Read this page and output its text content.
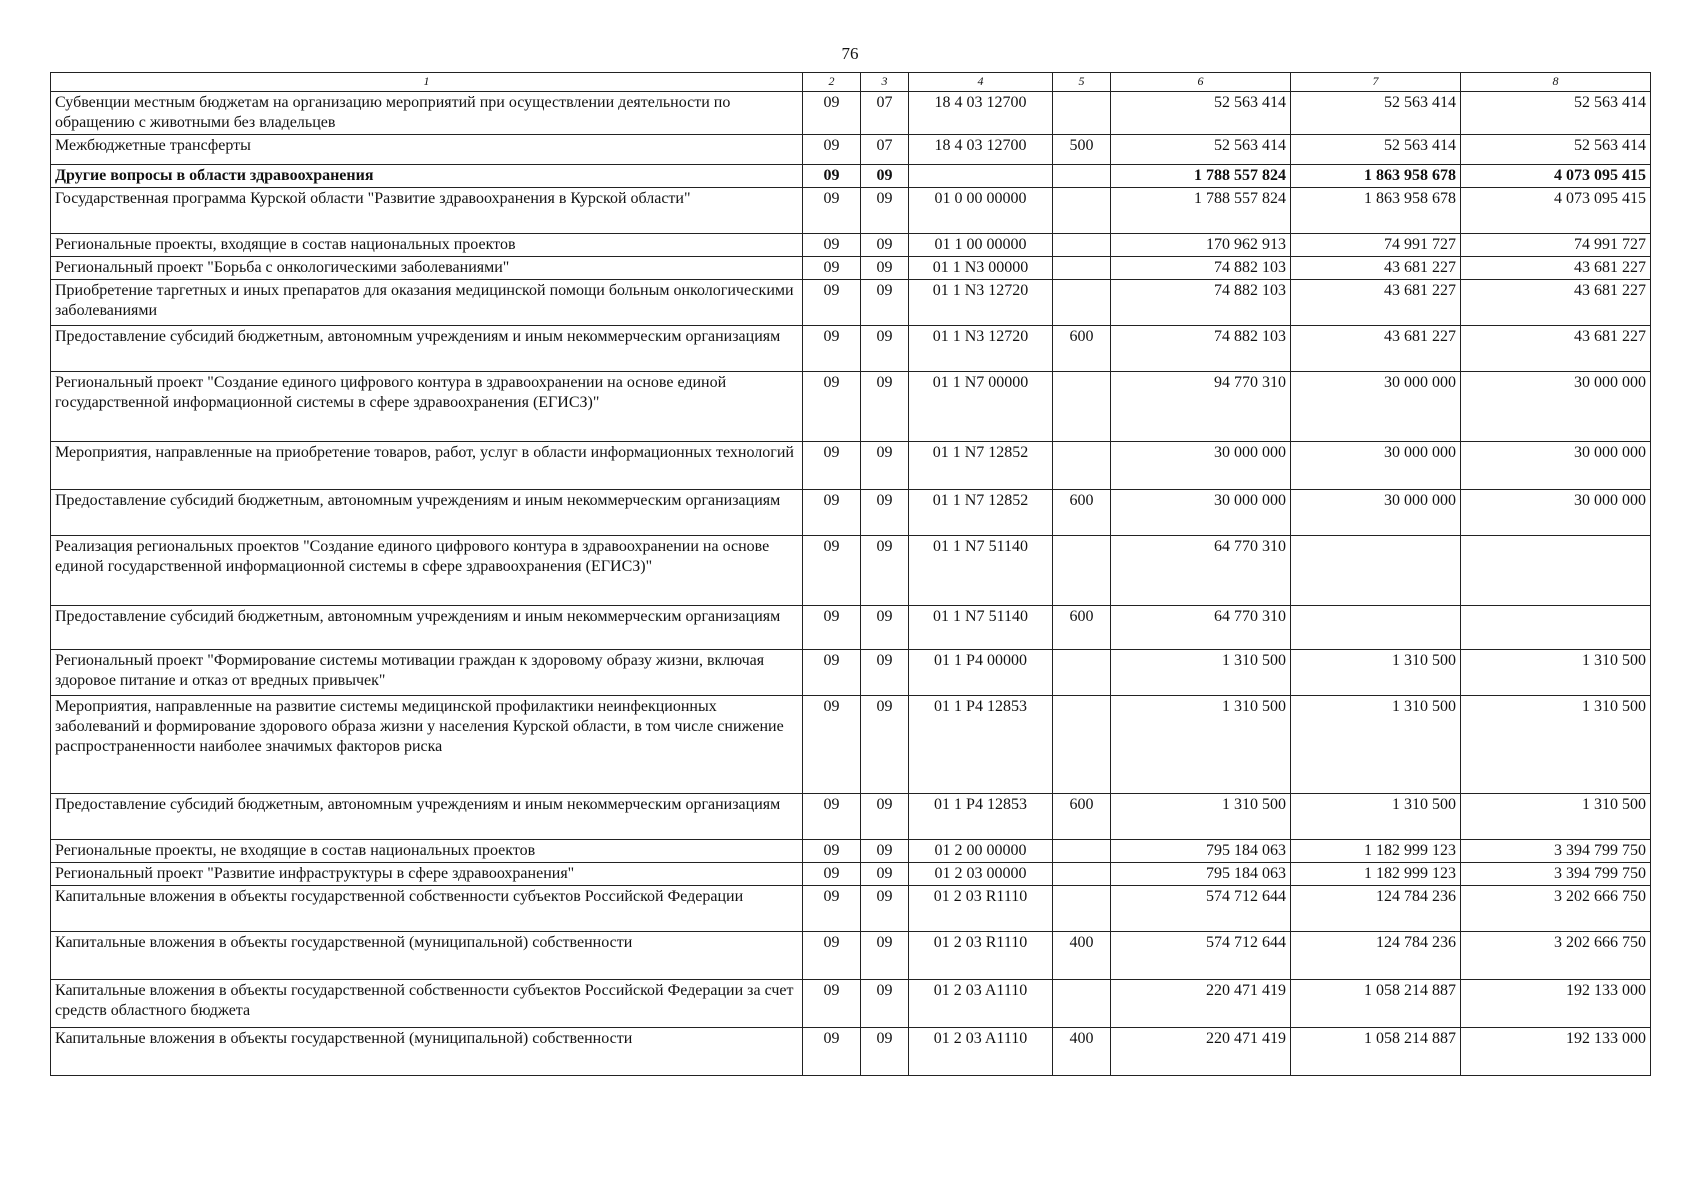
76
1	2	3	4	5	6	7	8
Субвенции местным бюджетам на организацию мероприятий при осуществлении деятельности по обращению с животными без владельцев	09	07	18 4 03 12700		52 563 414	52 563 414	52 563 414
Межбюджетные трансферты	09	07	18 4 03 12700	500	52 563 414	52 563 414	52 563 414
Другие вопросы в области здравоохранения	09	09			1 788 557 824	1 863 958 678	4 073 095 415
Государственная программа Курской области "Развитие здравоохранения в Курской области"	09	09	01 0 00 00000		1 788 557 824	1 863 958 678	4 073 095 415
Региональные проекты, входящие в состав национальных проектов	09	09	01 1 00 00000		170 962 913	74 991 727	74 991 727
Региональный проект "Борьба с онкологическими заболеваниями"	09	09	01 1 N3 00000		74 882 103	43 681 227	43 681 227
Приобретение таргетных и иных препаратов для оказания медицинской помощи больным онкологическими заболеваниями	09	09	01 1 N3 12720		74 882 103	43 681 227	43 681 227
Предоставление субсидий бюджетным, автономным учреждениям и иным некоммерческим организациям	09	09	01 1 N3 12720	600	74 882 103	43 681 227	43 681 227
Региональный проект "Создание единого цифрового контура в здравоохранении на основе единой государственной информационной системы в сфере здравоохранения (ЕГИСЗ)"	09	09	01 1 N7 00000		94 770 310	30 000 000	30 000 000
Мероприятия, направленные на приобретение товаров, работ, услуг в области информационных технологий	09	09	01 1 N7 12852		30 000 000	30 000 000	30 000 000
Предоставление субсидий бюджетным, автономным учреждениям и иным некоммерческим организациям	09	09	01 1 N7 12852	600	30 000 000	30 000 000	30 000 000
Реализация региональных проектов "Создание единого цифрового контура в здравоохранении на основе единой государственной информационной системы в сфере здравоохранения (ЕГИСЗ)"	09	09	01 1 N7 51140		64 770 310		
Предоставление субсидий бюджетным, автономным учреждениям и иным некоммерческим организациям	09	09	01 1 N7 51140	600	64 770 310		
Региональный проект "Формирование системы мотивации граждан к здоровому образу жизни, включая здоровое питание и отказ от вредных привычек"	09	09	01 1 P4 00000		1 310 500	1 310 500	1 310 500
Мероприятия, направленные на развитие системы медицинской профилактики неинфекционных заболеваний и формирование здорового образа жизни у населения Курской области, в том числе снижение распространенности наиболее значимых факторов риска	09	09	01 1 P4 12853		1 310 500	1 310 500	1 310 500
Предоставление субсидий бюджетным, автономным учреждениям и иным некоммерческим организациям	09	09	01 1 P4 12853	600	1 310 500	1 310 500	1 310 500
Региональные проекты, не входящие в состав национальных проектов	09	09	01 2 00 00000		795 184 063	1 182 999 123	3 394 799 750
Региональный проект "Развитие инфраструктуры в сфере здравоохранения"	09	09	01 2 03 00000		795 184 063	1 182 999 123	3 394 799 750
Капитальные вложения в объекты государственной собственности субъектов Российской Федерации	09	09	01 2 03 R1110		574 712 644	124 784 236	3 202 666 750
Капитальные вложения в объекты государственной (муниципальной) собственности	09	09	01 2 03 R1110	400	574 712 644	124 784 236	3 202 666 750
Капитальные вложения в объекты государственной собственности субъектов Российской Федерации за счет средств областного бюджета	09	09	01 2 03 A1110		220 471 419	1 058 214 887	192 133 000
Капитальные вложения в объекты государственной (муниципальной) собственности	09	09	01 2 03 A1110	400	220 471 419	1 058 214 887	192 133 000
